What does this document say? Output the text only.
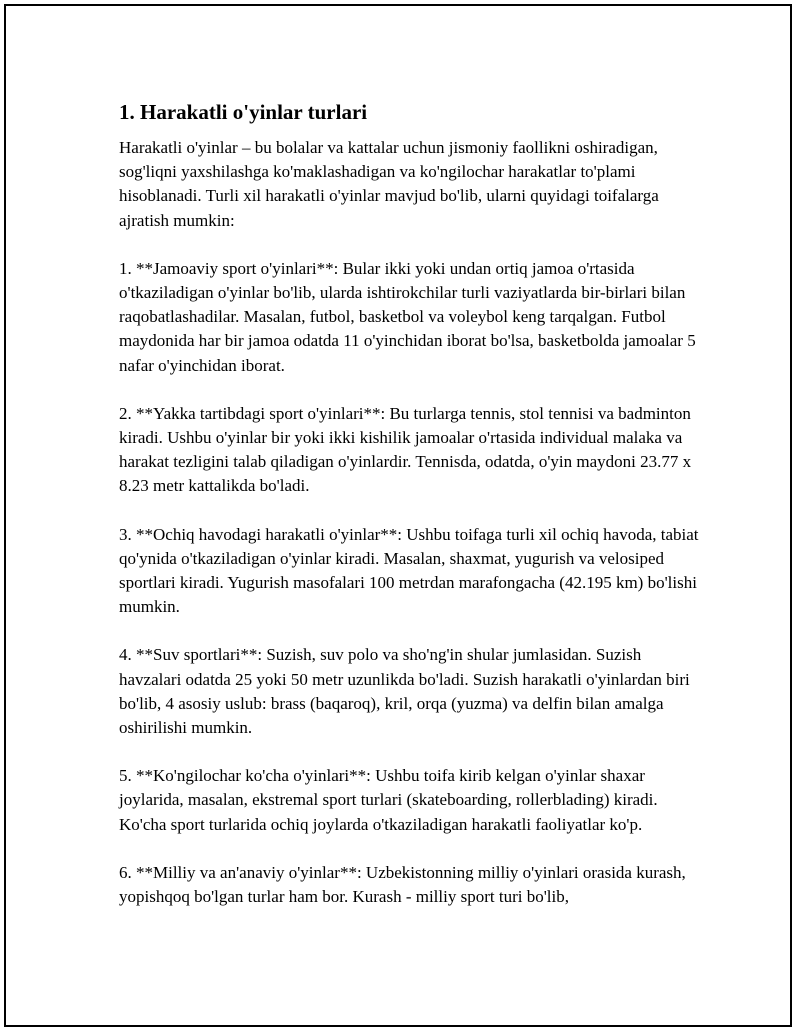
1. Harakatli o'yinlar turlari

Harakatli o'yinlar – bu bolalar va kattalar uchun jismoniy faollikni oshiradigan, sog'liqni yaxshilashga ko'maklashadigan va ko'ngilochar harakatlar to'plami hisoblanadi. Turli xil harakatli o'yinlar mavjud bo'lib, ularni quyidagi toifalarga ajratish mumkin:

1. **Jamoaviy sport o'yinlari**: Bular ikki yoki undan ortiq jamoa o'rtasida o'tkaziladigan o'yinlar bo'lib, ularda ishtirokchilar turli vaziyatlarda bir-birlari bilan raqobatlashadilar. Masalan, futbol, basketbol va voleybol keng tarqalgan. Futbol maydonida har bir jamoa odatda 11 o'yinchidan iborat bo'lsa, basketbolda jamoalar 5 nafar o'yinchidan iborat.

2. **Yakka tartibdagi sport o'yinlari**: Bu turlarga tennis, stol tennisi va badminton kiradi. Ushbu o'yinlar bir yoki ikki kishilik jamoalar o'rtasida individual malaka va harakat tezligini talab qiladigan o'yinlardir. Tennisda, odatda, o'yin maydoni 23.77 x 8.23 metr kattalikda bo'ladi.

3. **Ochiq havodagi harakatli o'yinlar**: Ushbu toifaga turli xil ochiq havoda, tabiat qo'ynida o'tkaziladigan o'yinlar kiradi. Masalan, shaxmat, yugurish va velosiped sportlari kiradi. Yugurish masofalari 100 metrdan marafongacha (42.195 km) bo'lishi mumkin.

4. **Suv sportlari**: Suzish, suv polo va sho'ng'in shular jumlasidan. Suzish havzalari odatda 25 yoki 50 metr uzunlikda bo'ladi. Suzish harakatli o'yinlardan biri bo'lib, 4 asosiy uslub: brass (baqaroq), kril, orqa (yuzma) va delfin bilan amalga oshirilishi mumkin.

5. **Ko'ngilochar ko'cha o'yinlari**: Ushbu toifa kirib kelgan o'yinlar shaxar joylarida, masalan, ekstremal sport turlari (skateboarding, rollerblading) kiradi. Ko'cha sport turlarida ochiq joylarda o'tkaziladigan harakatli faoliyatlar ko'p.

6. **Milliy va an'anaviy o'yinlar**: Uzbekistonning milliy o'yinlari orasida kurash, yopishqoq bo'lgan turlar ham bor. Kurash - milliy sport turi bo'lib,
